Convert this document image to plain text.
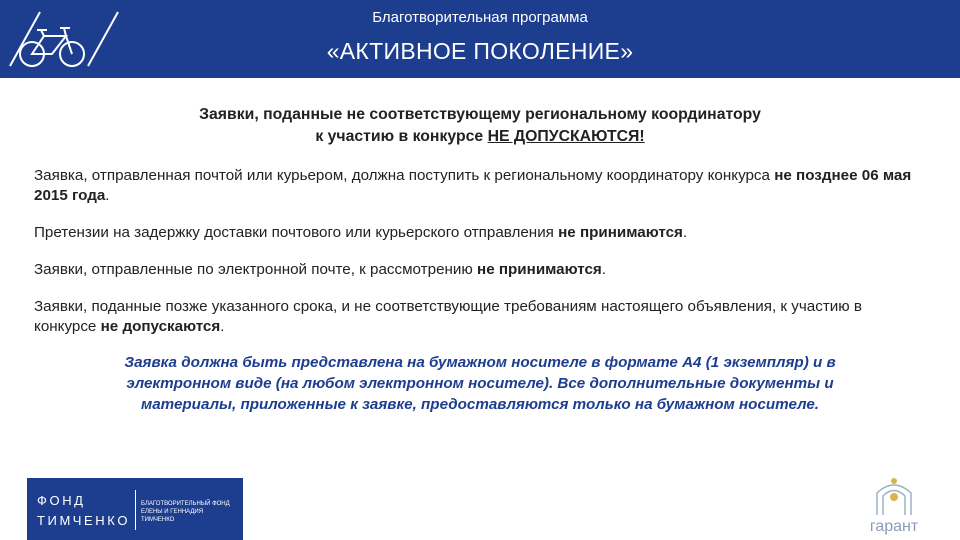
Благотворительная программа
«АКТИВНОЕ ПОКОЛЕНИЕ»
Заявки, поданные не соответствующему региональному координатору
к участию в конкурсе НЕ ДОПУСКАЮТСЯ!

Заявка, отправленная почтой или курьером, должна поступить к региональному координатору конкурса не позднее 06 мая 2015 года.

Претензии на задержку доставки почтового или курьерского отправления не принимаются.

Заявки, отправленные по электронной почте, к рассмотрению не принимаются.

Заявки, поданные позже указанного срока, и не соответствующие требованиям настоящего объявления, к участию в конкурсе не допускаются.

Заявка должна быть представлена на бумажном носителе в формате А4 (1 экземпляр) и в
электронном виде (на любом электронном носителе). Все дополнительные документы и
материалы, приложенные к заявке, предоставляются только на бумажном носителе.
ФОНД
ТИМЧЕНКО
БЛАГОТВОРИТЕЛЬНЫЙ ФОНД
ЕЛЕНЫ И ГЕННАДИЯ
ТИМЧЕНКО	гарант
